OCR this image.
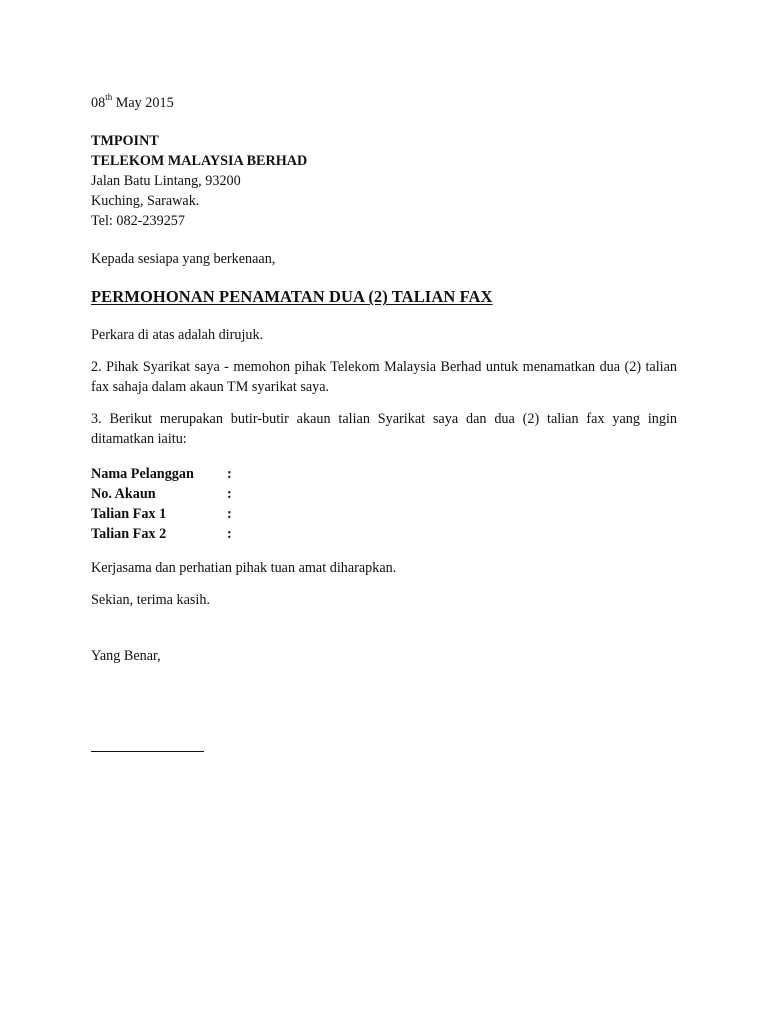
08th May 2015

TMPOINT
TELEKOM MALAYSIA BERHAD
Jalan Batu Lintang, 93200
Kuching, Sarawak.
Tel: 082-239257
Kepada sesiapa yang berkenaan,
PERMOHONAN PENAMATAN DUA (2) TALIAN FAX
Perkara di atas adalah dirujuk.
2. Pihak Syarikat saya - memohon pihak Telekom Malaysia Berhad untuk menamatkan dua (2) talian fax sahaja dalam akaun TM syarikat saya.
3. Berikut merupakan butir-butir akaun talian Syarikat saya dan dua (2) talian fax yang ingin ditamatkan iaitu:
Nama Pelanggan	:
No. Akaun	:
Talian Fax 1	:
Talian Fax 2	:
Kerjasama dan perhatian pihak tuan amat diharapkan.
Sekian, terima kasih.
Yang Benar,
